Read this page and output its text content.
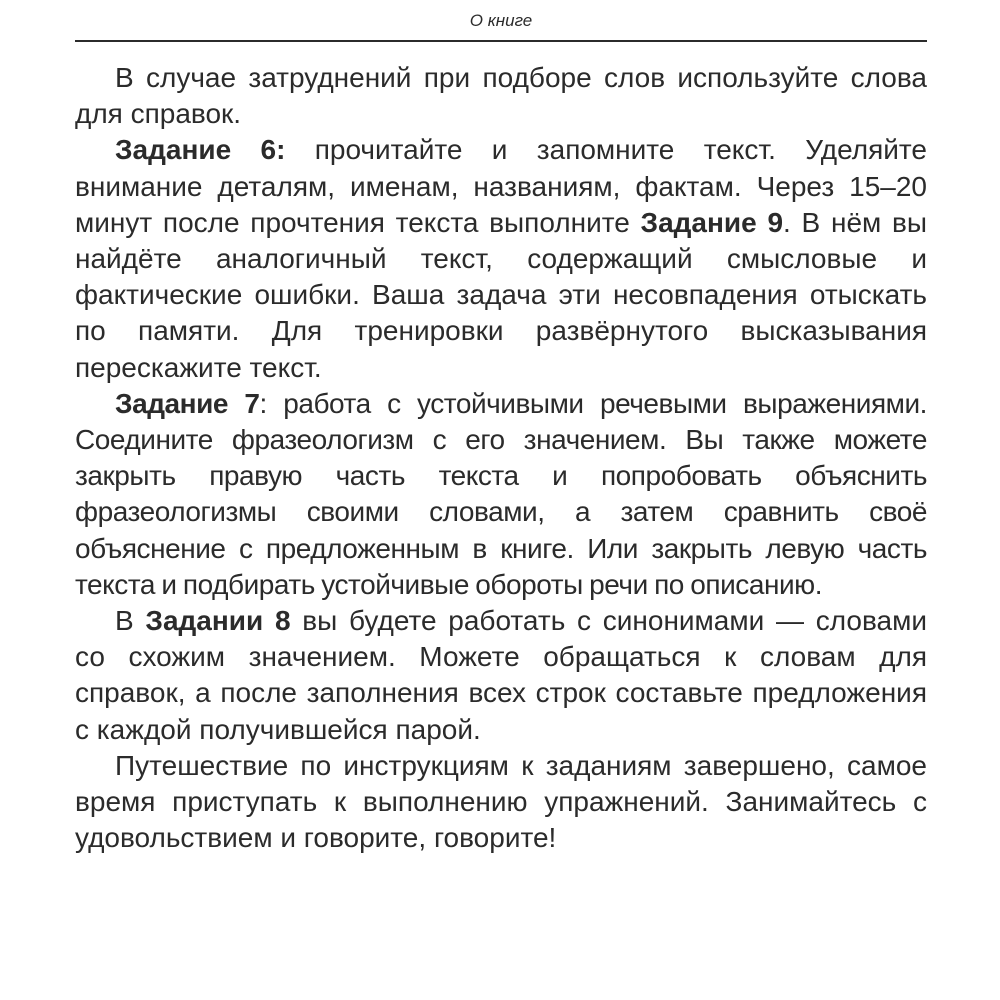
О книге

В случае затруднений при подборе слов используйте слова для справок.

Задание 6: прочитайте и запомните текст. Уделяйте внимание деталям, именам, названиям, фактам. Через 15–20 минут после прочтения текста выполните Задание 9. В нём вы найдёте аналогичный текст, содержащий смысловые и фактические ошибки. Ваша задача эти несовпадения отыскать по памяти. Для тренировки развёрнутого высказывания перескажите текст.

Задание 7: работа с устойчивыми речевыми выражениями. Соедините фразеологизм с его значением. Вы также можете закрыть правую часть текста и попробовать объяснить фразеологизмы своими словами, а затем сравнить своё объяснение с предложенным в книге. Или закрыть левую часть текста и подбирать устойчивые обороты речи по описанию.

В Задании 8 вы будете работать с синонимами — словами со схожим значением. Можете обращаться к словам для справок, а после заполнения всех строк составьте предложения с каждой получившейся парой.

Путешествие по инструкциям к заданиям завершено, самое время приступать к выполнению упражнений. Занимайтесь с удовольствием и говорите, говорите!
